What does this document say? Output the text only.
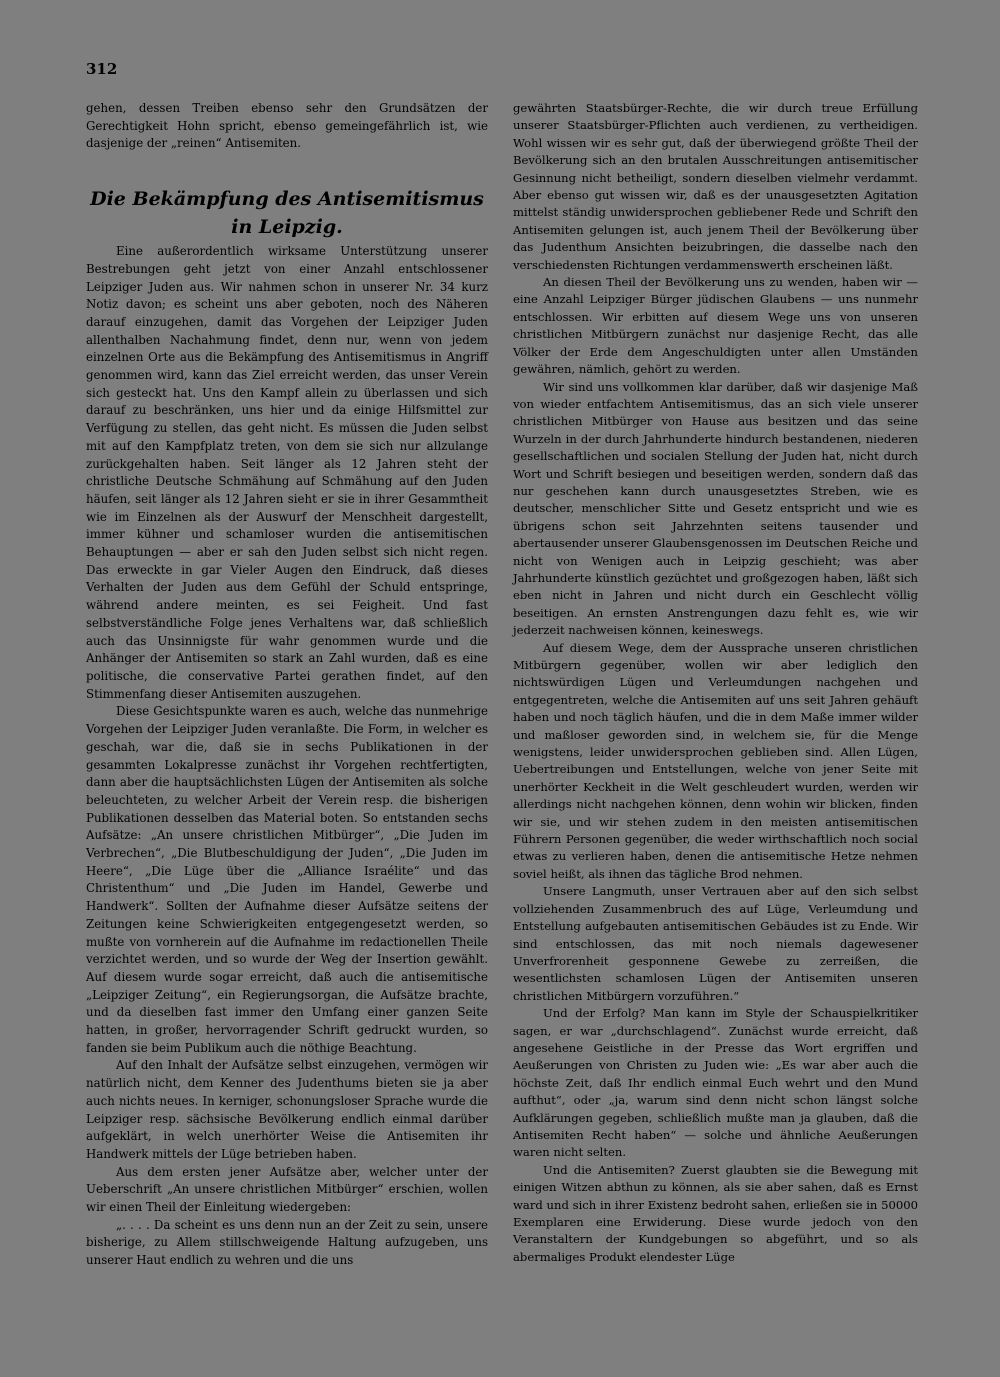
312

gehen, dessen Treiben ebenso sehr den Grundsätzen der Gerechtigkeit Hohn spricht, ebenso gemeingefährlich ist, wie dasjenige der „reinen“ Antisemiten.

Die Bekämpfung des Antisemitismus in Leipzig.

Eine außerordentlich wirksame Unterstützung unserer Bestrebungen geht jetzt von einer Anzahl entschlossener Leipziger Juden aus. Wir nahmen schon in unserer Nr. 34 kurz Notiz davon; es scheint uns aber geboten, noch des Näheren darauf einzugehen, damit das Vorgehen der Leipziger Juden allenthalben Nachahmung findet, denn nur, wenn von jedem einzelnen Orte aus die Bekämpfung des Antisemitismus in Angriff genommen wird, kann das Ziel erreicht werden, das unser Verein sich gesteckt hat. Uns den Kampf allein zu überlassen und sich darauf zu beschränken, uns hier und da einige Hilfsmittel zur Verfügung zu stellen, das geht nicht. Es müssen die Juden selbst mit auf den Kampfplatz treten, von dem sie sich nur allzulange zurückgehalten haben. Seit länger als 12 Jahren steht der christliche Deutsche Schmähung auf Schmähung auf den Juden häufen, seit länger als 12 Jahren sieht er sie in ihrer Gesammtheit wie im Einzelnen als der Auswurf der Menschheit dargestellt, immer kühner und schamloser wurden die antisemitischen Behauptungen — aber er sah den Juden selbst sich nicht regen. Das erweckte in gar Vieler Augen den Eindruck, daß dieses Verhalten der Juden aus dem Gefühl der Schuld entspringe, während andere meinten, es sei Feigheit. Und fast selbstverständliche Folge jenes Verhaltens war, daß schließlich auch das Unsinnigste für wahr genommen wurde und die Anhänger der Antisemiten so stark an Zahl wurden, daß es eine politische, die conservative Partei gerathen findet, auf den Stimmenfang dieser Antisemiten auszugehen.

Diese Gesichtspunkte waren es auch, welche das nunmehrige Vorgehen der Leipziger Juden veranlaßte. Die Form, in welcher es geschah, war die, daß sie in sechs Publikationen in der gesammten Lokalpresse zunächst ihr Vorgehen rechtfertigten, dann aber die hauptsächlichsten Lügen der Antisemiten als solche beleuchteten, zu welcher Arbeit der Verein resp. die bisherigen Publikationen desselben das Material boten. So entstanden sechs Aufsätze: „An unsere christlichen Mitbürger“, „Die Juden im Verbrechen“, „Die Blutbeschuldigung der Juden“, „Die Juden im Heere“, „Die Lüge über die „Alliance Israélite“ und das Christenthum“ und „Die Juden im Handel, Gewerbe und Handwerk“. Sollten der Aufnahme dieser Aufsätze seitens der Zeitungen keine Schwierigkeiten entgegengesetzt werden, so mußte von vornherein auf die Aufnahme im redactionellen Theile verzichtet werden, und so wurde der Weg der Insertion gewählt. Auf diesem wurde sogar erreicht, daß auch die antisemitische „Leipziger Zeitung“, ein Regierungsorgan, die Aufsätze brachte, und da dieselben fast immer den Umfang einer ganzen Seite hatten, in großer, hervorragender Schrift gedruckt wurden, so fanden sie beim Publikum auch die nöthige Beachtung.

Auf den Inhalt der Aufsätze selbst einzugehen, vermögen wir natürlich nicht, dem Kenner des Judenthums bieten sie ja aber auch nichts neues. In kerniger, schonungsloser Sprache wurde die Leipziger resp. sächsische Bevölkerung endlich einmal darüber aufgeklärt, in welch unerhörter Weise die Antisemiten ihr Handwerk mittels der Lüge betrieben haben.

Aus dem ersten jener Aufsätze aber, welcher unter der Ueberschrift „An unsere christlichen Mitbürger“ erschien, wollen wir einen Theil der Einleitung wiedergeben:

„. . . . Da scheint es uns denn nun an der Zeit zu sein, unsere bisherige, zu Allem stillschweigende Haltung aufzugeben, uns unserer Haut endlich zu wehren und die uns

gewährten Staatsbürger-Rechte, die wir durch treue Erfüllung unserer Staatsbürger-Pflichten auch verdienen, zu vertheidigen. Wohl wissen wir es sehr gut, daß der überwiegend größte Theil der Bevölkerung sich an den brutalen Ausschreitungen antisemitischer Gesinnung nicht betheiligt, sondern dieselben vielmehr verdammt. Aber ebenso gut wissen wir, daß es der unausgesetzten Agitation mittelst ständig unwidersprochen gebliebener Rede und Schrift den Antisemiten gelungen ist, auch jenem Theil der Bevölkerung über das Judenthum Ansichten beizubringen, die dasselbe nach den verschiedensten Richtungen verdammenswerth erscheinen läßt.

An diesen Theil der Bevölkerung uns zu wenden, haben wir — eine Anzahl Leipziger Bürger jüdischen Glaubens — uns nunmehr entschlossen. Wir erbitten auf diesem Wege uns von unseren christlichen Mitbürgern zunächst nur dasjenige Recht, das alle Völker der Erde dem Angeschuldigten unter allen Umständen gewähren, nämlich, gehört zu werden.

Wir sind uns vollkommen klar darüber, daß wir dasjenige Maß von wieder entfachtem Antisemitismus, das an sich viele unserer christlichen Mitbürger von Hause aus besitzen und das seine Wurzeln in der durch Jahrhunderte hindurch bestandenen, niederen gesellschaftlichen und socialen Stellung der Juden hat, nicht durch Wort und Schrift besiegen und beseitigen werden, sondern daß das nur geschehen kann durch unausgesetztes Streben, wie es deutscher, menschlicher Sitte und Gesetz entspricht und wie es übrigens schon seit Jahrzehnten seitens tausender und abertausender unserer Glaubensgenossen im Deutschen Reiche und nicht von Wenigen auch in Leipzig geschieht; was aber Jahrhunderte künstlich gezüchtet und großgezogen haben, läßt sich eben nicht in Jahren und nicht durch ein Geschlecht völlig beseitigen. An ernsten Anstrengungen dazu fehlt es, wie wir jederzeit nachweisen können, keineswegs.

Auf diesem Wege, dem der Aussprache unseren christlichen Mitbürgern gegenüber, wollen wir aber lediglich den nichtswürdigen Lügen und Verleumdungen nachgehen und entgegentreten, welche die Antisemiten auf uns seit Jahren gehäuft haben und noch täglich häufen, und die in dem Maße immer wilder und maßloser geworden sind, in welchem sie, für die Menge wenigstens, leider unwidersprochen geblieben sind. Allen Lügen, Uebertreibungen und Entstellungen, welche von jener Seite mit unerhörter Keckheit in die Welt geschleudert wurden, werden wir allerdings nicht nachgehen können, denn wohin wir blicken, finden wir sie, und wir stehen zudem in den meisten antisemitischen Führern Personen gegenüber, die weder wirthschaftlich noch social etwas zu verlieren haben, denen die antisemitische Hetze nehmen soviel heißt, als ihnen das tägliche Brod nehmen.

Unsere Langmuth, unser Vertrauen aber auf den sich selbst vollziehenden Zusammenbruch des auf Lüge, Verleumdung und Entstellung aufgebauten antisemitischen Gebäudes ist zu Ende. Wir sind entschlossen, das mit noch niemals dagewesener Unverfrorenheit gesponnene Gewebe zu zerreißen, die wesentlichsten schamlosen Lügen der Antisemiten unseren christlichen Mitbürgern vorzuführen.“

Und der Erfolg? Man kann im Style der Schauspielkritiker sagen, er war „durchschlagend“. Zunächst wurde erreicht, daß angesehene Geistliche in der Presse das Wort ergriffen und Aeußerungen von Christen zu Juden wie: „Es war aber auch die höchste Zeit, daß Ihr endlich einmal Euch wehrt und den Mund aufthut“, oder „ja, warum sind denn nicht schon längst solche Aufklärungen gegeben, schließlich mußte man ja glauben, daß die Antisemiten Recht haben“ — solche und ähnliche Aeußerungen waren nicht selten.

Und die Antisemiten? Zuerst glaubten sie die Bewegung mit einigen Witzen abthun zu können, als sie aber sahen, daß es Ernst ward und sich in ihrer Existenz bedroht sahen, erließen sie in 50000 Exemplaren eine Erwiderung. Diese wurde jedoch von den Veranstaltern der Kundgebungen so abgeführt, und so als abermaliges Produkt elendester Lüge
